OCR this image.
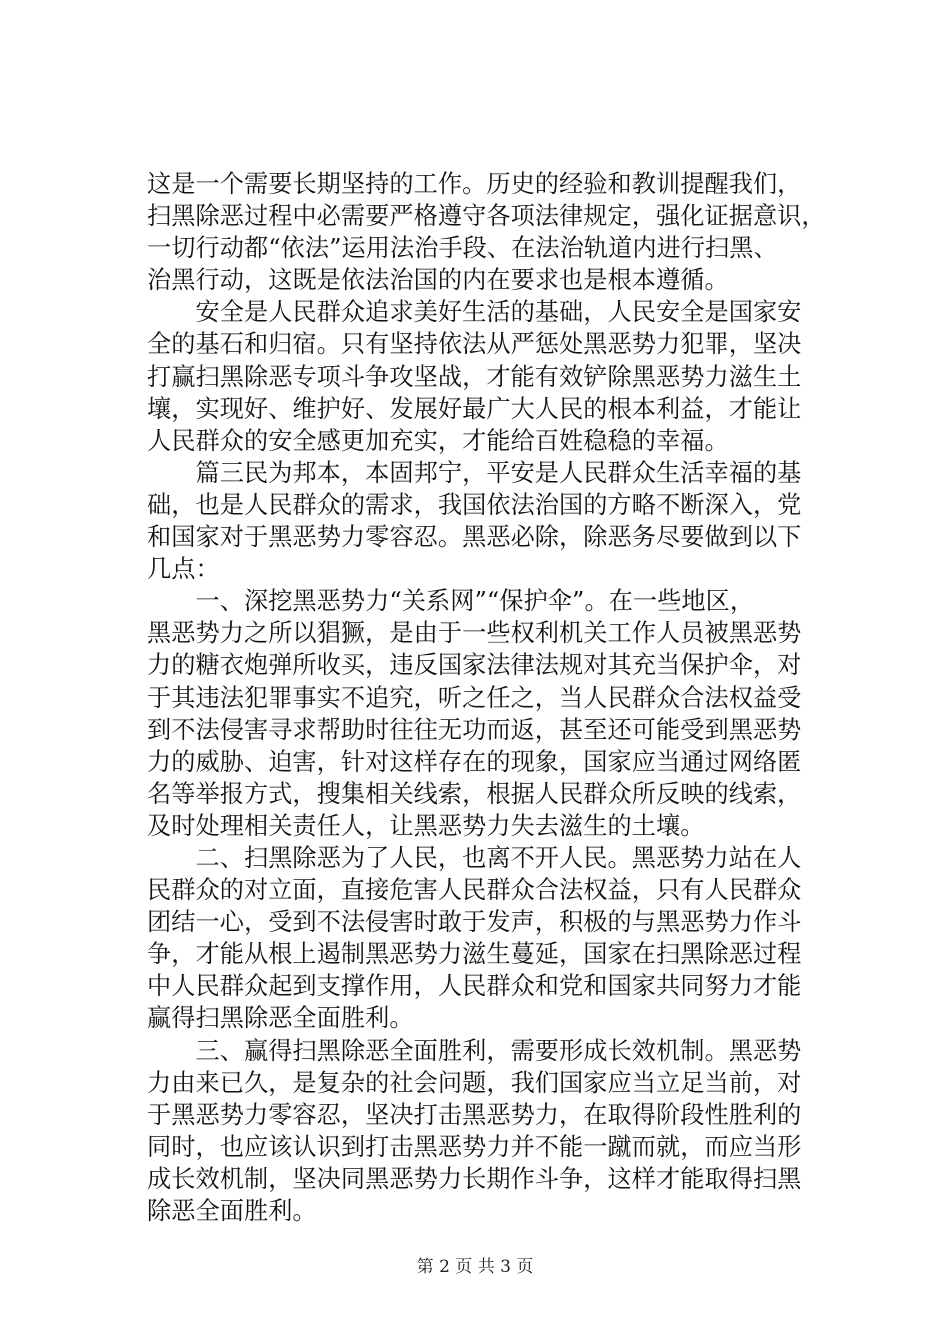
这是一个需要长期坚持的工作。历史的经验和教训提醒我们，
扫黑除恶过程中必需要严格遵守各项法律规定，强化证据意识，
一切行动都“依法”运用法治手段、在法治轨道内进行扫黑、
治黑行动，这既是依法治国的内在要求也是根本遵循。
　　安全是人民群众追求美好生活的基础，人民安全是国家安
全的基石和归宿。只有坚持依法从严惩处黑恶势力犯罪，坚决
打赢扫黑除恶专项斗争攻坚战，才能有效铲除黑恶势力滋生土
壤，实现好、维护好、发展好最广大人民的根本利益，才能让
人民群众的安全感更加充实，才能给百姓稳稳的幸福。
　　篇三民为邦本，本固邦宁，平安是人民群众生活幸福的基
础，也是人民群众的需求，我国依法治国的方略不断深入，党
和国家对于黑恶势力零容忍。黑恶必除，除恶务尽要做到以下
几点：
　　一、深挖黑恶势力“关系网”“保护伞”。在一些地区，
黑恶势力之所以猖獗，是由于一些权利机关工作人员被黑恶势
力的糖衣炮弹所收买，违反国家法律法规对其充当保护伞，对
于其违法犯罪事实不追究，听之任之，当人民群众合法权益受
到不法侵害寻求帮助时往往无功而返，甚至还可能受到黑恶势
力的威胁、迫害，针对这样存在的现象，国家应当通过网络匿
名等举报方式，搜集相关线索，根据人民群众所反映的线索，
及时处理相关责任人，让黑恶势力失去滋生的土壤。
　　二、扫黑除恶为了人民，也离不开人民。黑恶势力站在人
民群众的对立面，直接危害人民群众合法权益，只有人民群众
团结一心，受到不法侵害时敢于发声，积极的与黑恶势力作斗
争，才能从根上遏制黑恶势力滋生蔓延，国家在扫黑除恶过程
中人民群众起到支撑作用，人民群众和党和国家共同努力才能
赢得扫黑除恶全面胜利。
　　三、赢得扫黑除恶全面胜利，需要形成长效机制。黑恶势
力由来已久，是复杂的社会问题，我们国家应当立足当前，对
于黑恶势力零容忍，坚决打击黑恶势力，在取得阶段性胜利的
同时，也应该认识到打击黑恶势力并不能一蹴而就，而应当形
成长效机制，坚决同黑恶势力长期作斗争，这样才能取得扫黑
除恶全面胜利。
第 2 页 共 3 页
